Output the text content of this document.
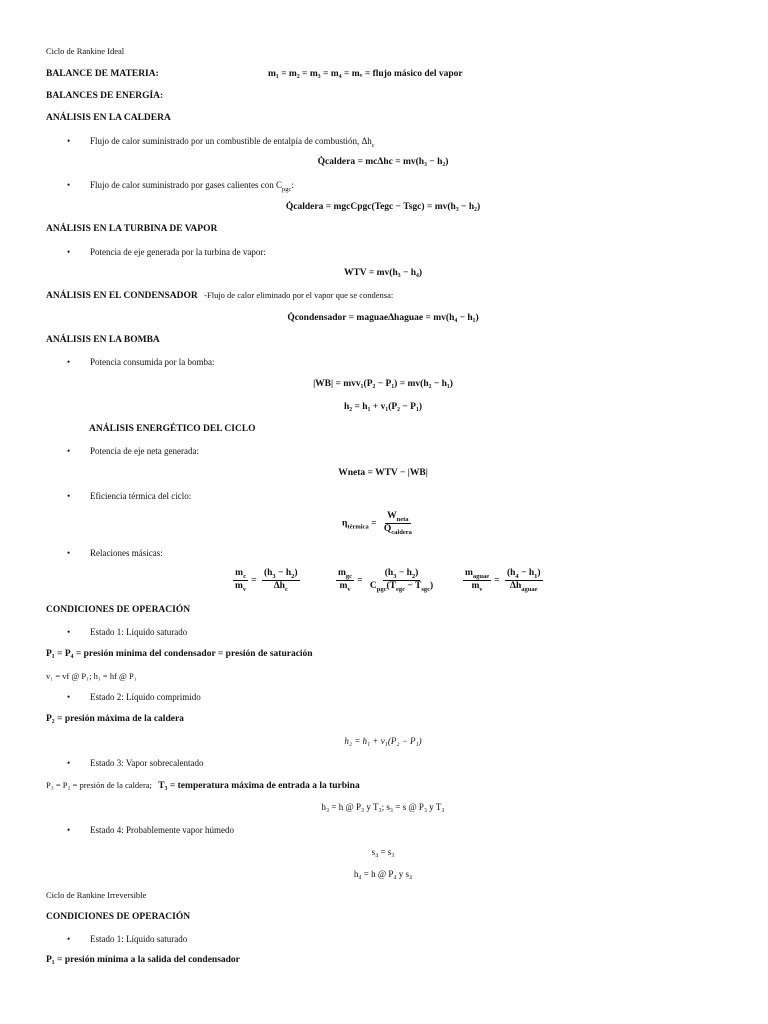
Ciclo de Rankine Ideal
BALANCE DE MATERIA:	m₁ = m₂ = m₃ = m₄ = mᵥ = flujo másico del vapor
BALANCES DE ENERGÍA:
ANÁLISIS EN LA CALDERA
• Flujo de calor suministrado por un combustible de entalpía de combustión, $\Delta h_c$
Q̇caldera = mcΔhc = mv(h₃ − h₂)
• Flujo de calor suministrado por gases calientes con $C_{pgc}$:
Q̇caldera = mgcCpgc(Tegc − Tsgc) = mv(h₃ − h₂)
ANÁLISIS EN LA TURBINA DE VAPOR
• Potencia de eje generada por la turbina de vapor:
WTV = mv(h₃ − h₄)
ANÁLISIS EN EL CONDENSADOR -Flujo de calor eliminado por el vapor que se condensa:
Q̇condensador = maguaeΔhaguae = mv(h₄ − h₁)
ANÁLISIS EN LA BOMBA
• Potencia consumida por la bomba:
|WB| = mvv₁(P₂ − P₁) = mv(h₂ − h₁)
h₂ = h₁ + v₁(P₂ − P₁)
ANÁLISIS ENERGÉTICO DEL CICLO
• Potencia de eje neta generada:
Wneta = WTV − |WB|
• Eficiencia térmica del ciclo:
$\eta_{térmica} = \frac{W_{neta}}{Q̇_{caldera}}$
• Relaciones másicas:
$\frac{m_c}{m_v} = \frac{(h_3 - h_2)}{\Delta h_c}$	$\frac{m_{gc}}{m_v} = \frac{(h_3 - h_2)}{C_{pgc}(T_{egc} - T_{sgc})}$	$\frac{m_{aguae}}{m_v} = \frac{(h_4 - h_1)}{\Delta h_{aguae}}$
CONDICIONES DE OPERACIÓN
• Estado 1: Líquido saturado
P₁ = P₄ = presión mínima del condensador = presión de saturación
v₁ = vf @ P₁; h₁ = hf @ P₁
• Estado 2: Líquido comprimido
P₂ = presión máxima de la caldera
h₂ = h₁ + v₁(P₂ − P₁)
• Estado 3: Vapor sobrecalentado
P₃ = P₂ = presión de la caldera; T₃ = temperatura máxima de entrada a la turbina
h₃ = h @ P₃ y T₃; s₃ = s @ P₃ y T₃
• Estado 4: Probablemente vapor húmedo
s₄ = s₃
h₄ = h @ P₄ y s₄
Ciclo de Rankine Irreversible
CONDICIONES DE OPERACIÓN
• Estado 1: Líquido saturado
P₁ = presión mínima a la salida del condensador
